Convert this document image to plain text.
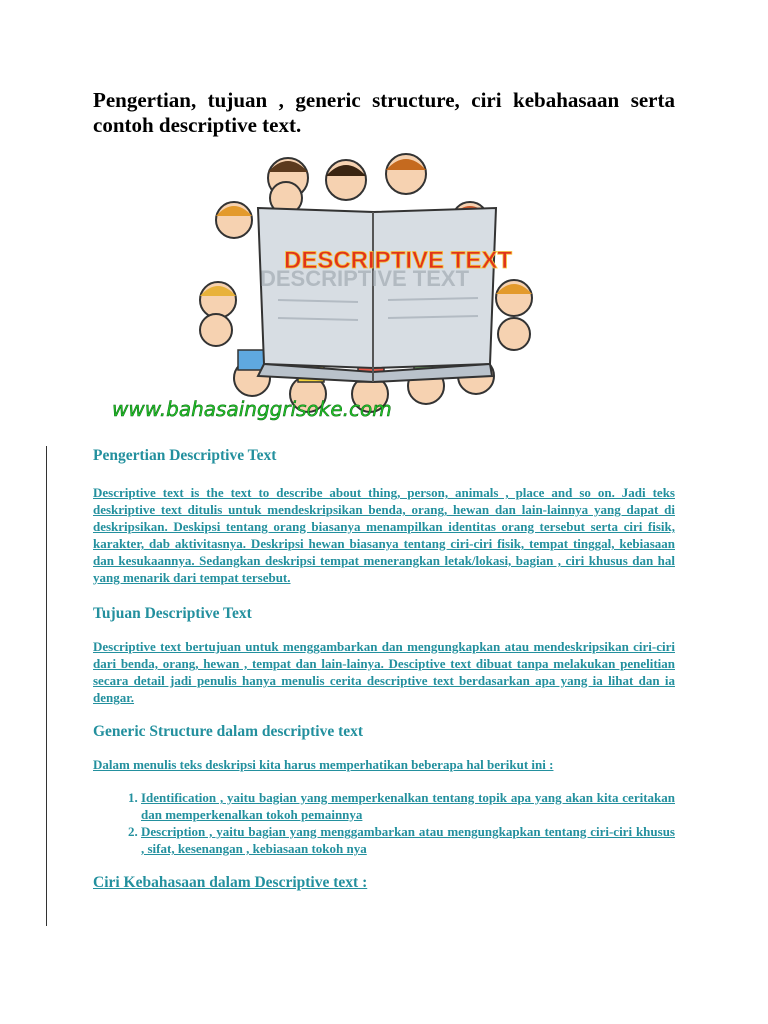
Pengertian, tujuan , generic structure, ciri kebahasaan serta contoh descriptive text.
DESCRIPTIVE TEXT
DESCRIPTIVE TEXT
www.bahasainggrisoke.com

Pengertian Descriptive Text

Descriptive text is the text to describe about thing, person, animals , place and so on. Jadi teks deskriptive text ditulis untuk mendeskripsikan benda, orang, hewan dan lain-lainnya yang dapat di deskripsikan. Deskipsi tentang orang biasanya menampilkan identitas orang tersebut serta ciri fisik, karakter, dab aktivitasnya. Deskripsi hewan biasanya tentang ciri-ciri fisik, tempat tinggal, kebiasaan dan kesukaannya. Sedangkan deskripsi tempat menerangkan letak/lokasi, bagian , ciri khusus dan hal yang menarik dari tempat tersebut.

Tujuan Descriptive Text

Descriptive text bertujuan untuk menggambarkan dan mengungkapkan atau mendeskripsikan ciri-ciri dari benda, orang, hewan , tempat dan lain-lainya. Desciptive text dibuat tanpa melakukan penelitian secara detail jadi penulis hanya menulis cerita descriptive text berdasarkan apa yang ia lihat dan ia dengar.

Generic Structure dalam descriptive text

Dalam menulis teks deskripsi kita harus memperhatikan beberapa hal berikut ini :

1. Identification , yaitu bagian yang memperkenalkan tentang topik apa yang akan kita ceritakan dan memperkenalkan tokoh pemainnya
2. Description , yaitu bagian yang menggambarkan atau mengungkapkan tentang ciri-ciri khusus , sifat, kesenangan , kebiasaan tokoh nya

Ciri Kebahasaan dalam Descriptive text :
